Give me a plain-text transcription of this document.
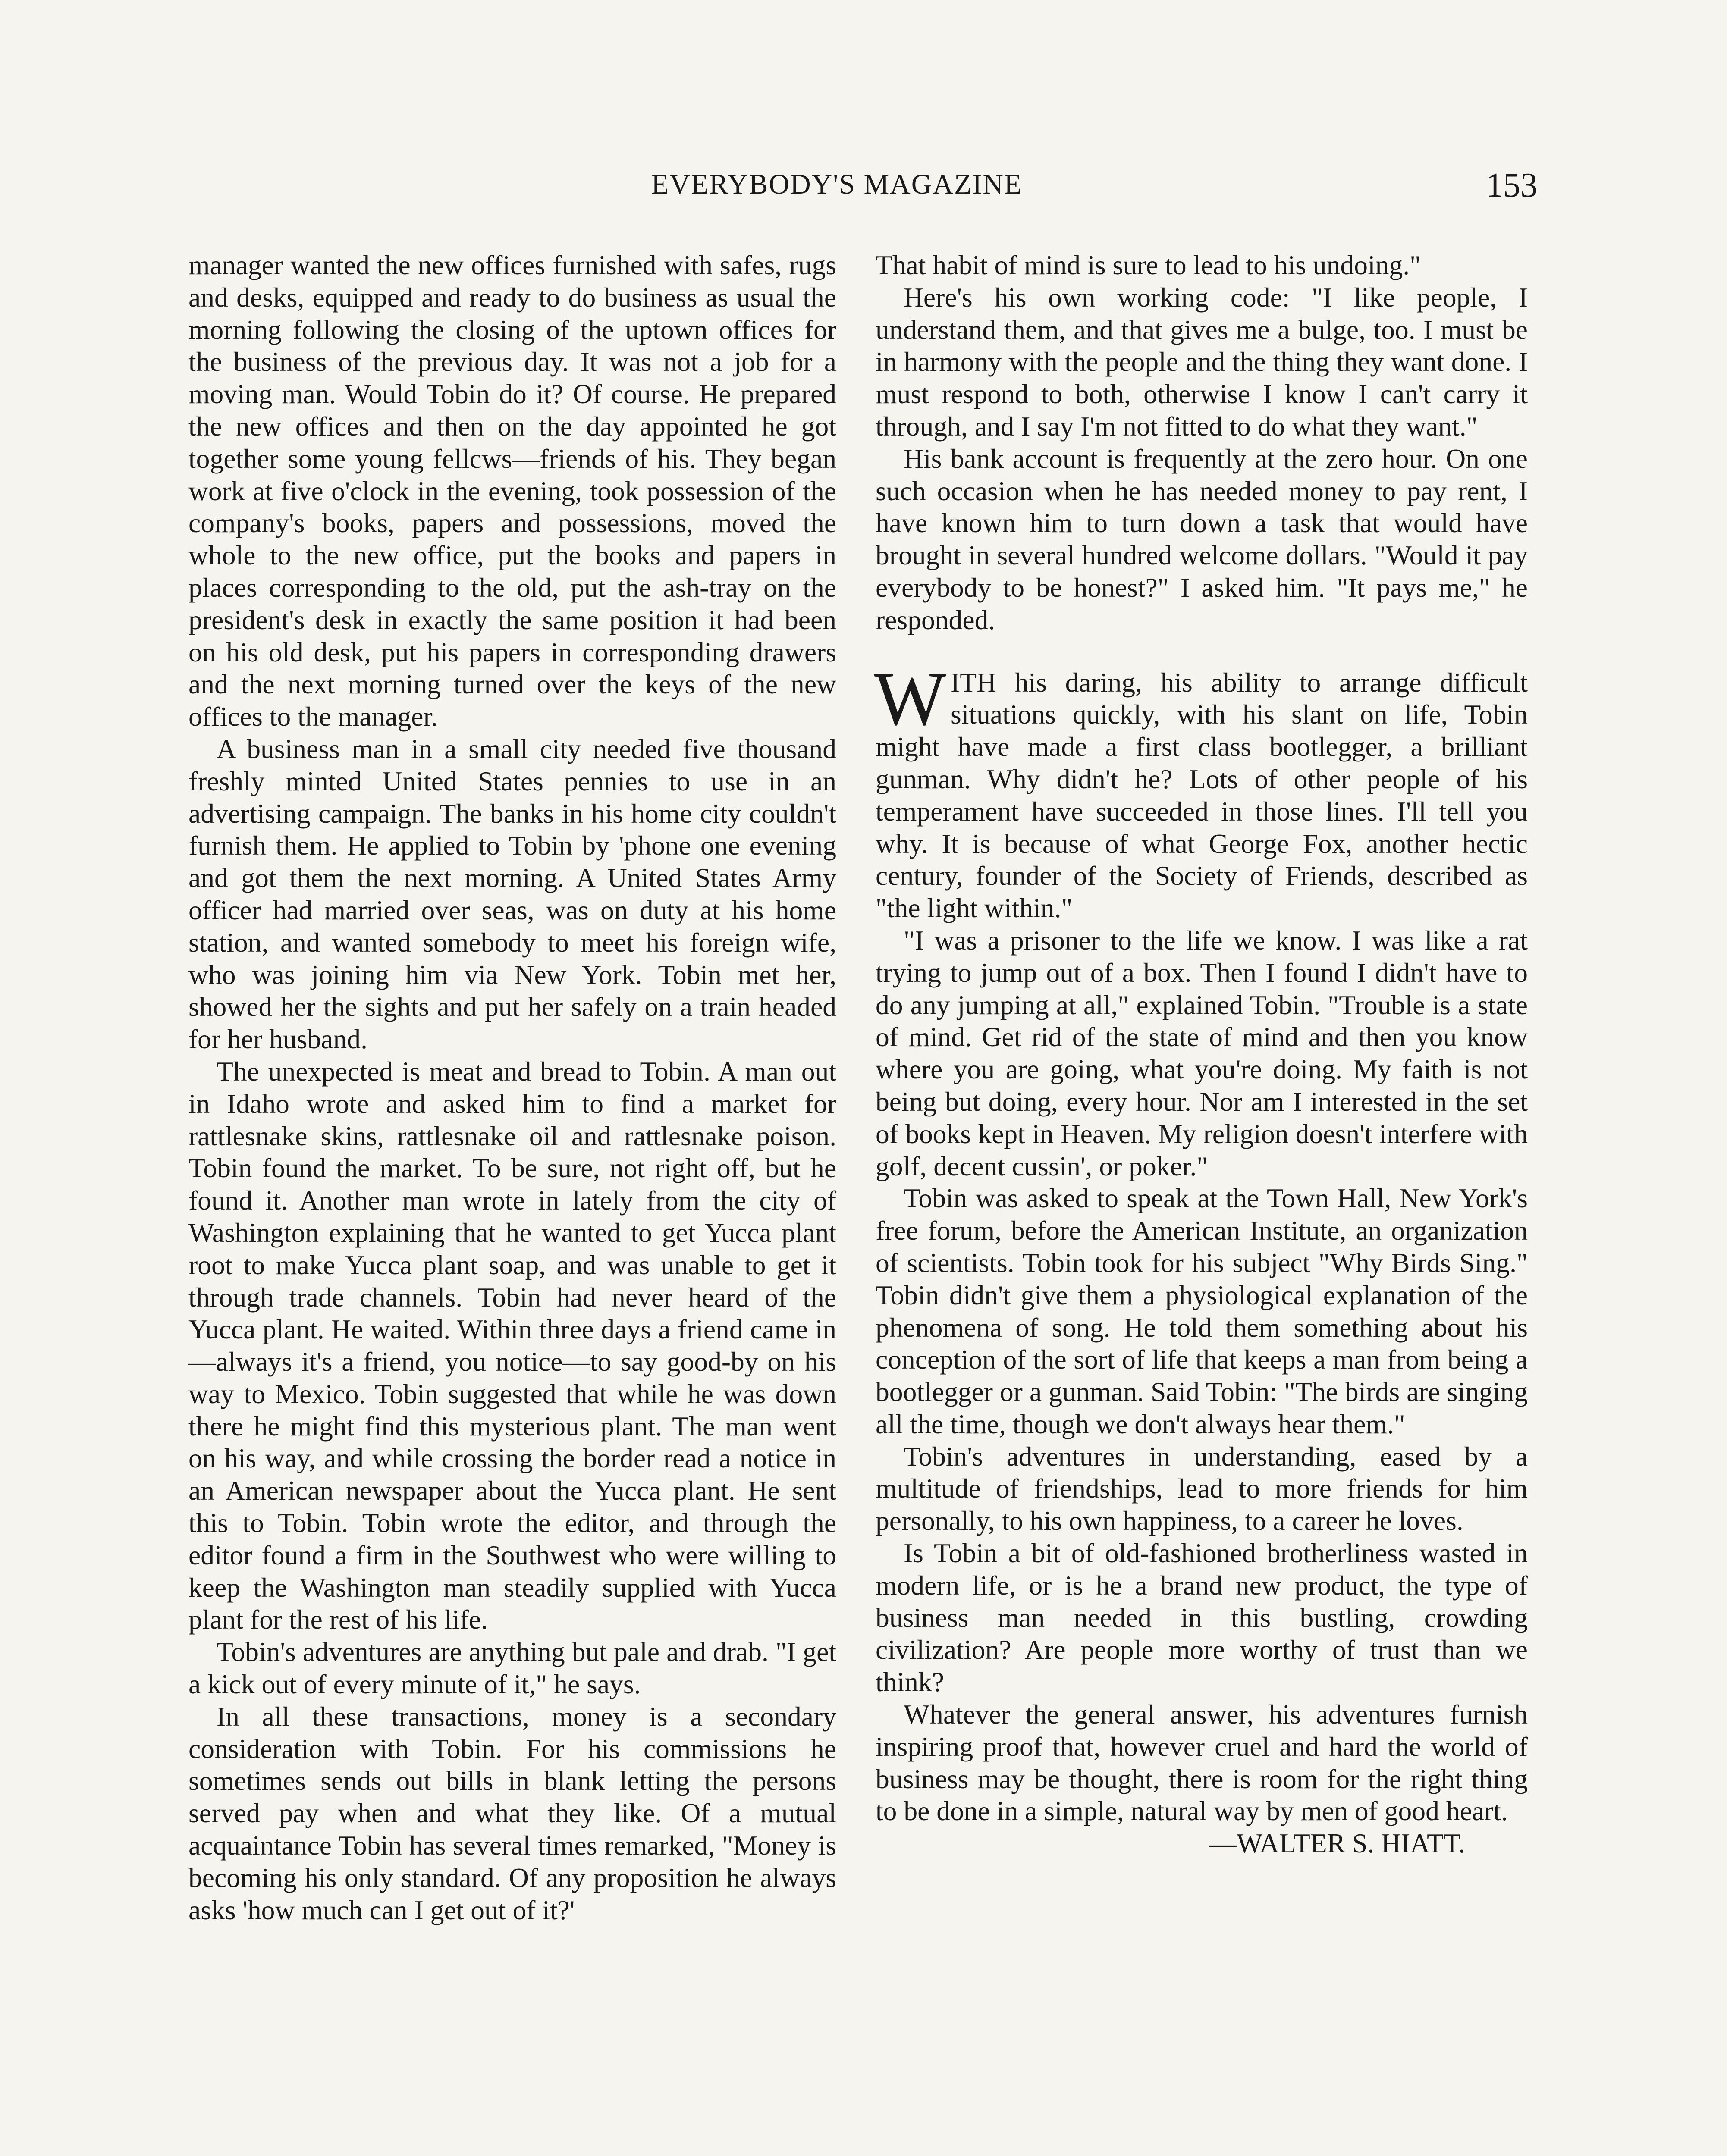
EVERYBODY'S MAGAZINE	153

manager wanted the new offices furnished with safes, rugs and desks, equipped and ready to do business as usual the morning following the closing of the uptown offices for the business of the previous day. It was not a job for a moving man. Would Tobin do it? Of course. He prepared the new offices and then on the day appointed he got together some young fellcws—friends of his. They began work at five o'clock in the evening, took possession of the company's books, papers and possessions, moved the whole to the new office, put the books and papers in places corresponding to the old, put the ash-tray on the president's desk in exactly the same position it had been on his old desk, put his papers in corresponding drawers and the next morning turned over the keys of the new offices to the manager.

A business man in a small city needed five thousand freshly minted United States pennies to use in an advertising campaign. The banks in his home city couldn't furnish them. He applied to Tobin by 'phone one evening and got them the next morning. A United States Army officer had married over seas, was on duty at his home station, and wanted somebody to meet his foreign wife, who was joining him via New York. Tobin met her, showed her the sights and put her safely on a train headed for her husband.

The unexpected is meat and bread to Tobin. A man out in Idaho wrote and asked him to find a market for rattlesnake skins, rattlesnake oil and rattlesnake poison. Tobin found the market. To be sure, not right off, but he found it. Another man wrote in lately from the city of Washington explaining that he wanted to get Yucca plant root to make Yucca plant soap, and was unable to get it through trade channels. Tobin had never heard of the Yucca plant. He waited. Within three days a friend came in—always it's a friend, you notice—to say good-by on his way to Mexico. Tobin suggested that while he was down there he might find this mysterious plant. The man went on his way, and while crossing the border read a notice in an American newspaper about the Yucca plant. He sent this to Tobin. Tobin wrote the editor, and through the editor found a firm in the Southwest who were willing to keep the Washington man steadily supplied with Yucca plant for the rest of his life.

Tobin's adventures are anything but pale and drab. "I get a kick out of every minute of it," he says.

In all these transactions, money is a secondary consideration with Tobin. For his commissions he sometimes sends out bills in blank letting the persons served pay when and what they like. Of a mutual acquaintance Tobin has several times remarked, "Money is becoming his only standard. Of any proposition he always asks 'how much can I get out of it?'

That habit of mind is sure to lead to his undoing."

Here's his own working code: "I like people, I understand them, and that gives me a bulge, too. I must be in harmony with the people and the thing they want done. I must respond to both, otherwise I know I can't carry it through, and I say I'm not fitted to do what they want."

His bank account is frequently at the zero hour. On one such occasion when he has needed money to pay rent, I have known him to turn down a task that would have brought in several hundred welcome dollars. "Would it pay everybody to be honest?" I asked him. "It pays me," he responded.

WITH his daring, his ability to arrange difficult situations quickly, with his slant on life, Tobin might have made a first class bootlegger, a brilliant gunman. Why didn't he? Lots of other people of his temperament have succeeded in those lines. I'll tell you why. It is because of what George Fox, another hectic century, founder of the Society of Friends, described as "the light within."

"I was a prisoner to the life we know. I was like a rat trying to jump out of a box. Then I found I didn't have to do any jumping at all," explained Tobin. "Trouble is a state of mind. Get rid of the state of mind and then you know where you are going, what you're doing. My faith is not being but doing, every hour. Nor am I interested in the set of books kept in Heaven. My religion doesn't interfere with golf, decent cussin', or poker."

Tobin was asked to speak at the Town Hall, New York's free forum, before the American Institute, an organization of scientists. Tobin took for his subject "Why Birds Sing." Tobin didn't give them a physiological explanation of the phenomena of song. He told them something about his conception of the sort of life that keeps a man from being a bootlegger or a gunman. Said Tobin: "The birds are singing all the time, though we don't always hear them."

Tobin's adventures in understanding, eased by a multitude of friendships, lead to more friends for him personally, to his own happiness, to a career he loves.

Is Tobin a bit of old-fashioned brotherliness wasted in modern life, or is he a brand new product, the type of business man needed in this bustling, crowding civilization? Are people more worthy of trust than we think?

Whatever the general answer, his adventures furnish inspiring proof that, however cruel and hard the world of business may be thought, there is room for the right thing to be done in a simple, natural way by men of good heart.

—WALTER S. HIATT.
